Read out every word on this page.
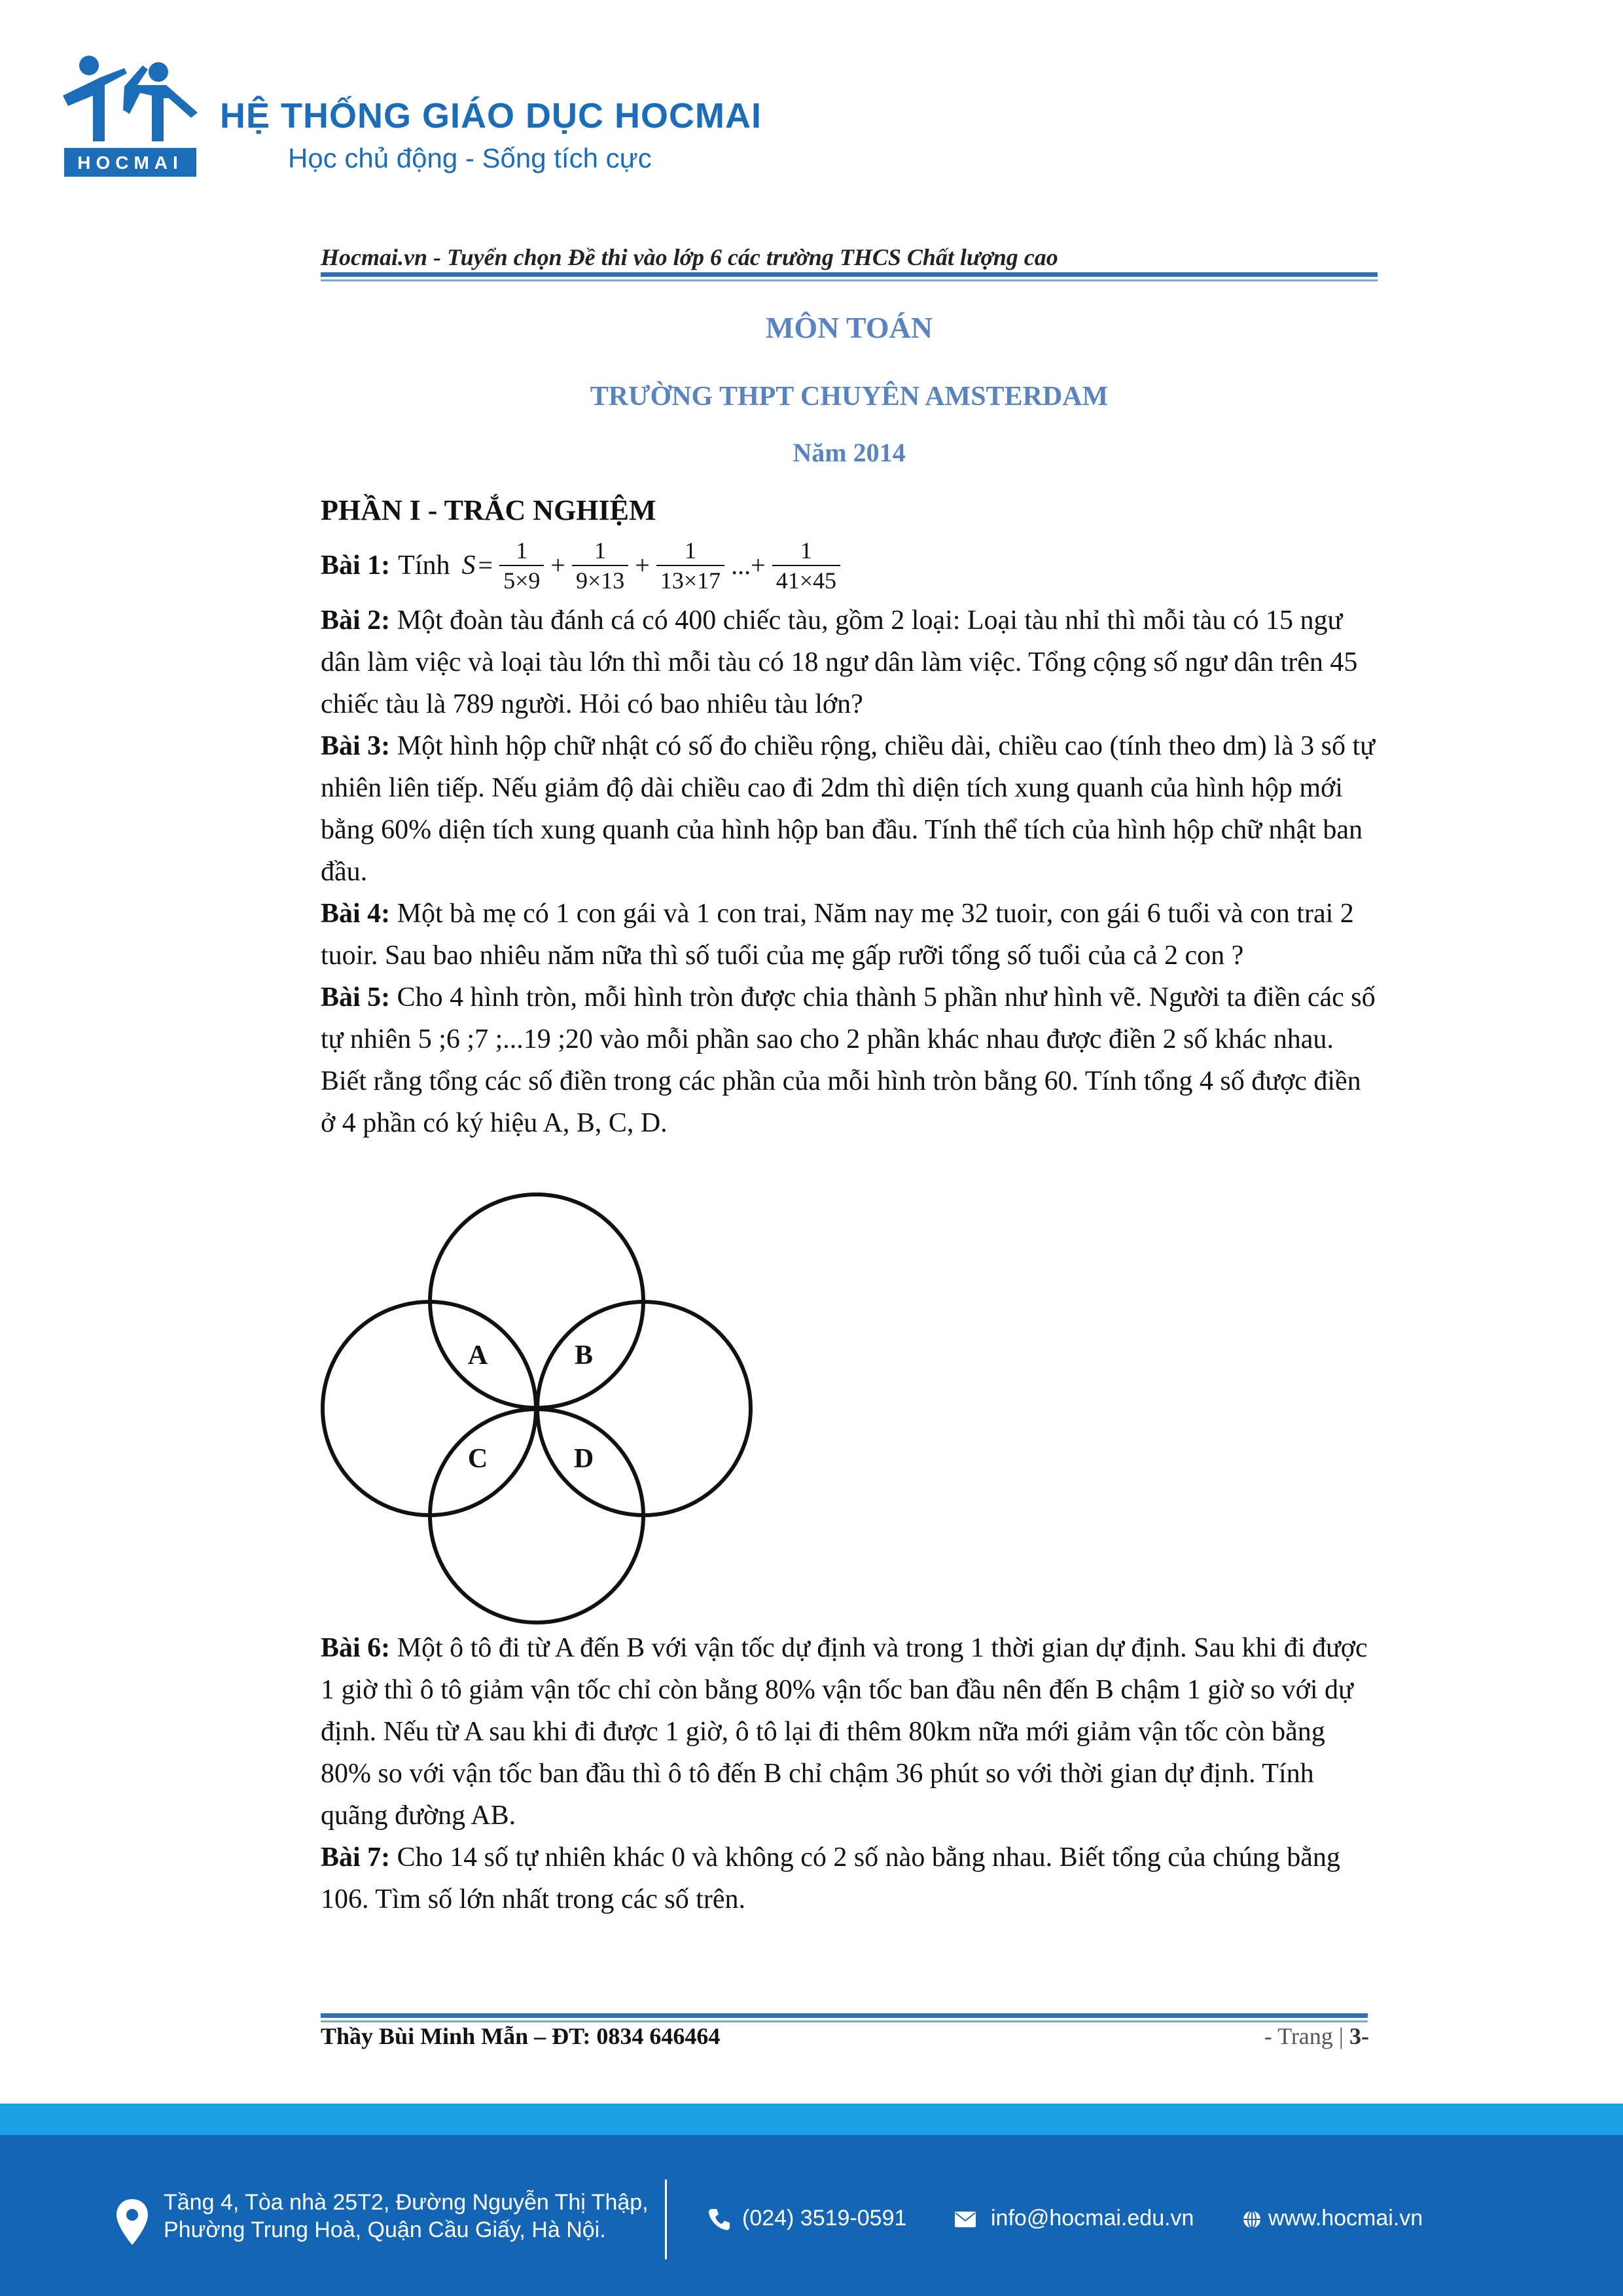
HOCMAI
HỆ THỐNG GIÁO DỤC HOCMAI
Học chủ động - Sống tích cực
Hocmai.vn - Tuyển chọn Đề thi vào lớp 6 các trường THCS Chất lượng cao
MÔN TOÁN
TRƯỜNG THPT CHUYÊN AMSTERDAM
Năm 2014

PHẦN I - TRẮC NGHIỆM

Bài 1: Tính $S = \frac{1}{5\times 9} + \frac{1}{9\times 13} + \frac{1}{13\times 17}$ ...+ $\frac{1}{41\times 45}$

Bài 2: Một đoàn tàu đánh cá có 400 chiếc tàu, gồm 2 loại: Loại tàu nhỉ thì mỗi tàu có 15 ngư dân làm việc và loại tàu lớn thì mỗi tàu có 18 ngư dân làm việc. Tổng cộng số ngư dân trên 45 chiếc tàu là 789 người. Hỏi có bao nhiêu tàu lớn?

Bài 3: Một hình hộp chữ nhật có số đo chiều rộng, chiều dài, chiều cao (tính theo dm) là 3 số tự nhiên liên tiếp. Nếu giảm độ dài chiều cao đi 2dm thì diện tích xung quanh của hình hộp mới bằng 60% diện tích xung quanh của hình hộp ban đầu. Tính thể tích của hình hộp chữ nhật ban đầu.

Bài 4: Một bà mẹ có 1 con gái và 1 con trai, Năm nay mẹ 32 tuoir, con gái 6 tuổi và con trai 2 tuoir. Sau bao nhiêu năm nữa thì số tuổi của mẹ gấp rưỡi tổng số tuổi của cả 2 con ?

Bài 5: Cho 4 hình tròn, mỗi hình tròn được chia thành 5 phần như hình vẽ. Người ta điền các số tự nhiên 5 ;6 ;7 ;...19 ;20 vào mỗi phần sao cho 2 phần khác nhau được điền 2 số khác nhau. Biết rằng tổng các số điền trong các phần của mỗi hình tròn bằng 60. Tính tổng 4 số được điền ở 4 phần có ký hiệu A, B, C, D.

A	B
C	D

Bài 6: Một ô tô đi từ A đến B với vận tốc dự định và trong 1 thời gian dự định. Sau khi đi được 1 giờ thì ô tô giảm vận tốc chỉ còn bằng 80% vận tốc ban đầu nên đến B chậm 1 giờ so với dự định. Nếu từ A sau khi đi được 1 giờ, ô tô lại đi thêm 80km nữa mới giảm vận tốc còn bằng 80% so với vận tốc ban đầu thì ô tô đến B chỉ chậm 36 phút so với thời gian dự định. Tính quãng đường AB.

Bài 7: Cho 14 số tự nhiên khác 0 và không có 2 số nào bằng nhau. Biết tổng của chúng bằng 106. Tìm số lớn nhất trong các số trên.

Thầy Bùi Minh Mẫn – ĐT: 0834 646464	- Trang | 3-
Tầng 4, Tòa nhà 25T2, Đường Nguyễn Thị Thập,
Phường Trung Hoà, Quận Cầu Giấy, Hà Nội.	(024) 3519-0591	info@hocmai.edu.vn	www.hocmai.vn
